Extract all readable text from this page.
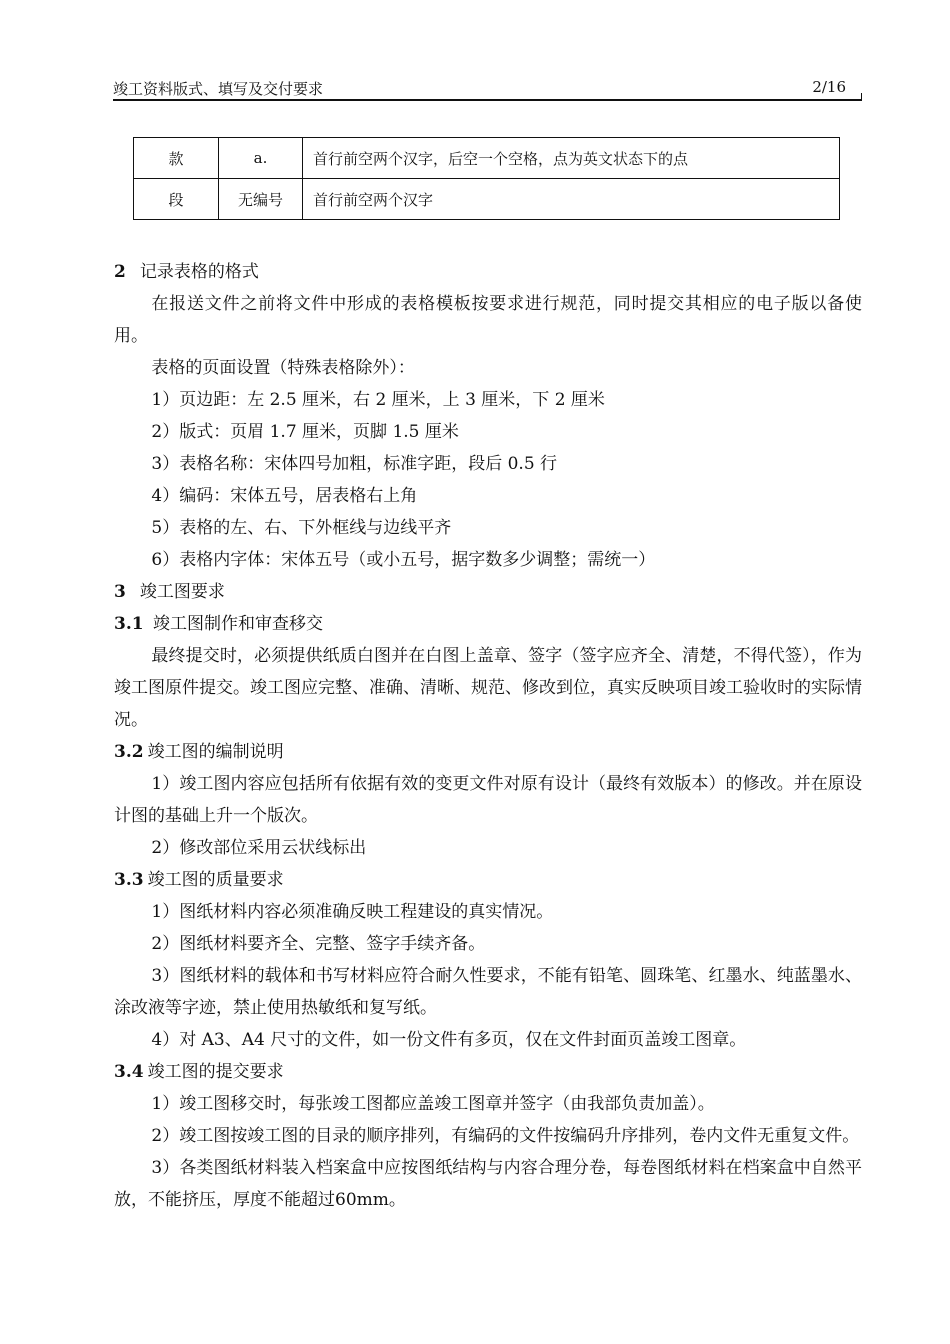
竣工资料版式、填写及交付要求	2/16
款	a.	首行前空两个汉字，后空一个空格，点为英文状态下的点
段	无编号	首行前空两个汉字

2 记录表格的格式

在报送文件之前将文件中形成的表格模板按要求进行规范，同时提交其相应的电子版以备使用。

表格的页面设置（特殊表格除外）：

1）页边距：左 2.5 厘米，右 2 厘米，上 3 厘米，下 2 厘米

2）版式：页眉 1.7 厘米，页脚 1.5 厘米

3）表格名称：宋体四号加粗，标准字距，段后 0.5 行

4）编码：宋体五号，居表格右上角

5）表格的左、右、下外框线与边线平齐

6）表格内字体：宋体五号（或小五号，据字数多少调整；需统一）

3 竣工图要求

3.1 竣工图制作和审查移交

最终提交时，必须提供纸质白图并在白图上盖章、签字（签字应齐全、清楚，不得代签），作为竣工图原件提交。竣工图应完整、准确、清晰、规范、修改到位，真实反映项目竣工验收时的实际情况。

3.2 竣工图的编制说明

1）竣工图内容应包括所有依据有效的变更文件对原有设计（最终有效版本）的修改。并在原设计图的基础上升一个版次。

2）修改部位采用云状线标出

3.3 竣工图的质量要求

1）图纸材料内容必须准确反映工程建设的真实情况。

2）图纸材料要齐全、完整、签字手续齐备。

3）图纸材料的载体和书写材料应符合耐久性要求，不能有铅笔、圆珠笔、红墨水、纯蓝墨水、涂改液等字迹，禁止使用热敏纸和复写纸。

4）对 A3、A4 尺寸的文件，如一份文件有多页，仅在文件封面页盖竣工图章。

3.4 竣工图的提交要求

1）竣工图移交时，每张竣工图都应盖竣工图章并签字（由我部负责加盖）。

2）竣工图按竣工图的目录的顺序排列，有编码的文件按编码升序排列，卷内文件无重复文件。

3）各类图纸材料装入档案盒中应按图纸结构与内容合理分卷，每卷图纸材料在档案盒中自然平放，不能挤压，厚度不能超过60mm。
